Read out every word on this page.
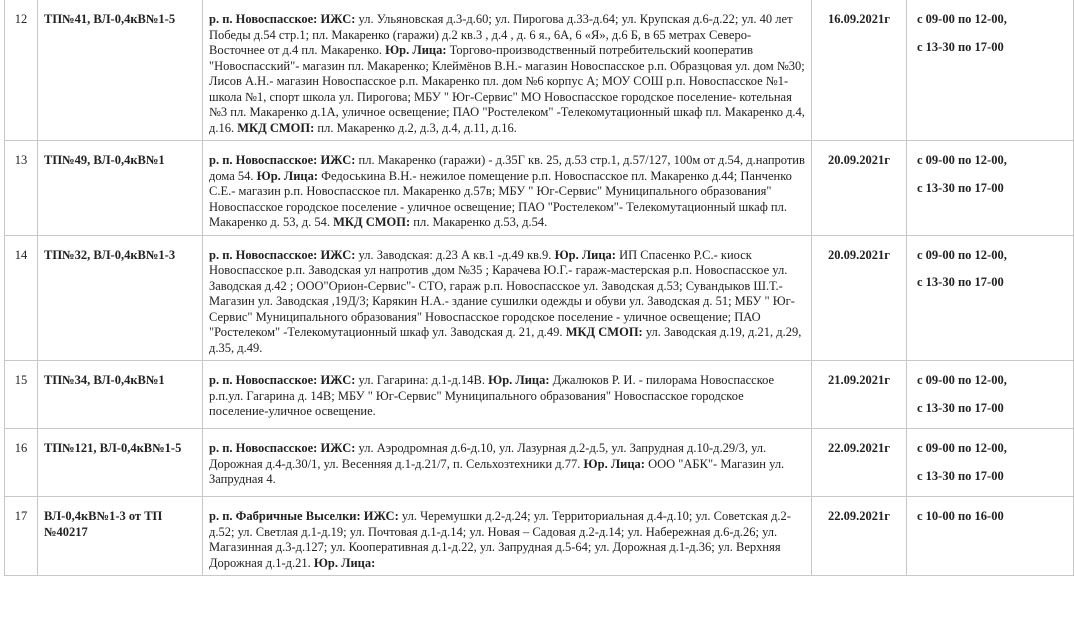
12	ТП№41, ВЛ-0,4кВ№1-5	р. п. Новоспасское: ИЖС: ул. Ульяновская д.3-д.60; ул. Пирогова д.33-д.64; ул. Крупская д.6-д.22; ул. 40 лет Победы д.54 стр.1; пл. Макаренко (гаражи) д.2 кв.3 , д.4 , д. 6 я., 6А, 6 «Я», д.6 Б, в 65 метрах Северо-Восточнее от д.4 пл. Макаренко. Юр. Лица: Торгово-производственный потребительский кооператив "Новоспасский"- магазин пл. Макаренко; Клеймёнов В.Н.- магазин Новоспасское р.п. Образцовая ул. дом №30; Лисов А.Н.- магазин Новоспасское р.п. Макаренко пл. дом №6 корпус А; МОУ СОШ р.п. Новоспасское №1- школа №1, спорт школа ул. Пирогова; МБУ " Юг-Сервис" МО Новоспасское городское поселение- котельная №3 пл. Макаренко д.1А, уличное освещение; ПАО "Ростелеком" -Телекомутационный шкаф пл. Макаренко д.4, д.16. МКД СМОП: пл. Макаренко д.2, д.3, д.4, д.11, д.16.	16.09.2021г	с 09-00 по 12-00,
с 13-30 по 17-00

13	ТП№49, ВЛ-0,4кВ№1	р. п. Новоспасское: ИЖС: пл. Макаренко (гаражи) - д.35Г кв. 25, д.53 стр.1, д.57/127, 100м от д.54, д.напротив дома 54. Юр. Лица: Федоськина В.Н.- нежилое помещение р.п. Новоспасское пл. Макаренко д.44; Панченко С.Е.- магазин р.п. Новоспасское пл. Макаренко д.57в; МБУ " Юг-Сервис" Муниципального образования" Новоспасское городское поселение - уличное освещение; ПАО "Ростелеком"- Телекомутационный шкаф пл. Макаренко д. 53, д. 54. МКД СМОП: пл. Макаренко д.53, д.54.	20.09.2021г	с 09-00 по 12-00,
с 13-30 по 17-00

14	ТП№32, ВЛ-0,4кВ№1-3	р. п. Новоспасское: ИЖС: ул. Заводская: д.23 А кв.1 -д.49 кв.9. Юр. Лица: ИП Спасенко Р.С.- киоск Новоспасское р.п. Заводская ул напротив ,дом №35 ; Карачева Ю.Г.- гараж-мастерская р.п. Новоспасское ул. Заводская д.42 ; ООО"Орион-Сервис"- СТО, гараж р.п. Новоспасское ул. Заводская д.53; Сувандыков Ш.Т.- Магазин ул. Заводская ,19Д/3; Карякин Н.А.- здание сушилки одежды и обуви ул. Заводская д. 51; МБУ " Юг-Сервис" Муниципального образования" Новоспасское городское поселение - уличное освещение; ПАО "Ростелеком" -Телекомутационный шкаф ул. Заводская д. 21, д.49. МКД СМОП: ул. Заводская д.19, д.21, д.29, д.35, д.49.	20.09.2021г	с 09-00 по 12-00,
с 13-30 по 17-00

15	ТП№34, ВЛ-0,4кВ№1	р. п. Новоспасское: ИЖС: ул. Гагарина: д.1-д.14В. Юр. Лица: Джалюков Р. И. - пилорама Новоспасское р.п.ул. Гагарина д. 14В; МБУ " Юг-Сервис" Муниципального образования" Новоспасское городское поселение-уличное освещение.	21.09.2021г	с 09-00 по 12-00,
с 13-30 по 17-00

16	ТП№121, ВЛ-0,4кВ№1-5	р. п. Новоспасское: ИЖС: ул. Аэродромная д.6-д.10, ул. Лазурная д.2-д.5, ул. Запрудная д.10-д.29/3, ул. Дорожная д.4-д.30/1, ул. Весенняя д.1-д.21/7, п. Сельхозтехники д.77. Юр. Лица: ООО "АБК"- Магазин ул. Запрудная 4.	22.09.2021г	с 09-00 по 12-00,
с 13-30 по 17-00

17	ВЛ-0,4кВ№1-3 от ТП №40217	р. п. Фабричные Выселки: ИЖС: ул. Черемушки д.2-д.24; ул. Территориальная д.4-д.10; ул. Советская д.2-д.52; ул. Светлая д.1-д.19; ул. Почтовая д.1-д.14; ул. Новая – Садовая д.2-д.14; ул. Набережная д.6-д.26; ул. Магазинная д.3-д.127; ул. Кооперативная д.1-д.22, ул. Запрудная д.5-64; ул. Дорожная д.1-д.36; ул. Верхняя Дорожная д.1-д.21. Юр. Лица:	22.09.2021г	с 10-00 по 16-00
